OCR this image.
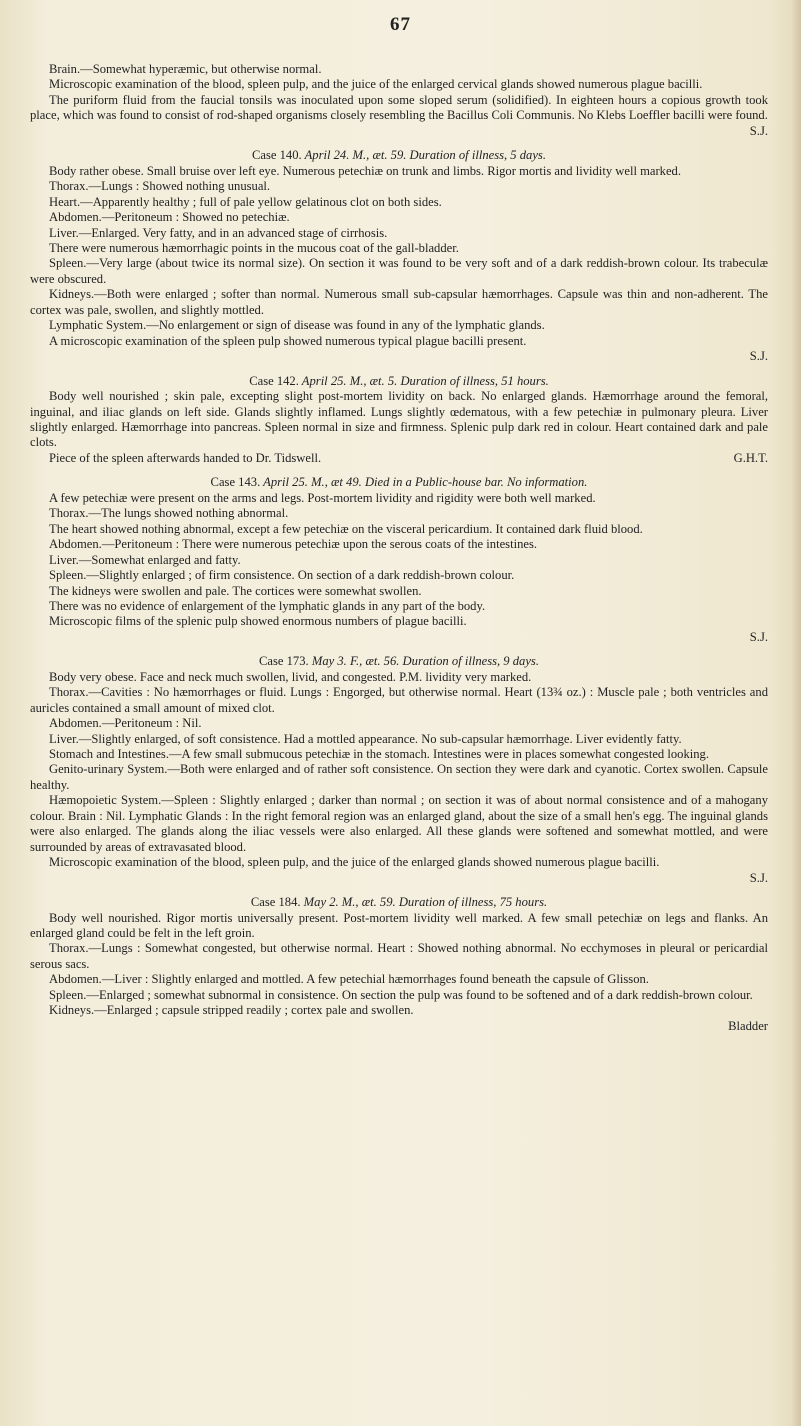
67

Brain.—Somewhat hyperæmic, but otherwise normal.

Microscopic examination of the blood, spleen pulp, and the juice of the enlarged cervical glands showed numerous plague bacilli.

The puriform fluid from the faucial tonsils was inoculated upon some sloped serum (solidified). In eighteen hours a copious growth took place, which was found to consist of rod-shaped organisms closely resembling the Bacillus Coli Communis. No Klebs Loeffler bacilli were found.

S.J.

Case 140. April 24. M., æt. 59. Duration of illness, 5 days.

Body rather obese. Small bruise over left eye. Numerous petechiæ on trunk and limbs. Rigor mortis and lividity well marked.

Thorax.—Lungs : Showed nothing unusual.

Heart.—Apparently healthy ; full of pale yellow gelatinous clot on both sides.

Abdomen.—Peritoneum : Showed no petechiæ.

Liver.—Enlarged. Very fatty, and in an advanced stage of cirrhosis.

There were numerous hæmorrhagic points in the mucous coat of the gall-bladder.

Spleen.—Very large (about twice its normal size). On section it was found to be very soft and of a dark reddish-brown colour. Its trabeculæ were obscured.

Kidneys.—Both were enlarged ; softer than normal. Numerous small sub-capsular hæmorrhages. Capsule was thin and non-adherent. The cortex was pale, swollen, and slightly mottled.

Lymphatic System.—No enlargement or sign of disease was found in any of the lymphatic glands.

A microscopic examination of the spleen pulp showed numerous typical plague bacilli present.

S.J.

Case 142. April 25. M., æt. 5. Duration of illness, 51 hours.

Body well nourished ; skin pale, excepting slight post-mortem lividity on back. No enlarged glands. Hæmorrhage around the femoral, inguinal, and iliac glands on left side. Glands slightly inflamed. Lungs slightly œdematous, with a few petechiæ in pulmonary pleura. Liver slightly enlarged. Hæmorrhage into pancreas. Spleen normal in size and firmness. Splenic pulp dark red in colour. Heart contained dark and pale clots.

Piece of the spleen afterwards handed to Dr. Tidswell.	G.H.T.

Case 143. April 25. M., æt 49. Died in a Public-house bar. No information.

A few petechiæ were present on the arms and legs. Post-mortem lividity and rigidity were both well marked.

Thorax.—The lungs showed nothing abnormal.

The heart showed nothing abnormal, except a few petechiæ on the visceral pericardium. It contained dark fluid blood.

Abdomen.—Peritoneum : There were numerous petechiæ upon the serous coats of the intestines.

Liver.—Somewhat enlarged and fatty.

Spleen.—Slightly enlarged ; of firm consistence. On section of a dark reddish-brown colour.

The kidneys were swollen and pale. The cortices were somewhat swollen.

There was no evidence of enlargement of the lymphatic glands in any part of the body.

Microscopic films of the splenic pulp showed enormous numbers of plague bacilli.

S.J.

Case 173. May 3. F., æt. 56. Duration of illness, 9 days.

Body very obese. Face and neck much swollen, livid, and congested. P.M. lividity very marked.

Thorax.—Cavities : No hæmorrhages or fluid. Lungs : Engorged, but otherwise normal. Heart (13¾ oz.) : Muscle pale ; both ventricles and auricles contained a small amount of mixed clot.

Abdomen.—Peritoneum : Nil.

Liver.—Slightly enlarged, of soft consistence. Had a mottled appearance. No sub-capsular hæmorrhage. Liver evidently fatty.

Stomach and Intestines.—A few small submucous petechiæ in the stomach. Intestines were in places somewhat congested looking.

Genito-urinary System.—Both were enlarged and of rather soft consistence. On section they were dark and cyanotic. Cortex swollen. Capsule healthy.

Hæmopoietic System.—Spleen : Slightly enlarged ; darker than normal ; on section it was of about normal consistence and of a mahogany colour. Brain : Nil. Lymphatic Glands : In the right femoral region was an enlarged gland, about the size of a small hen's egg. The inguinal glands were also enlarged. The glands along the iliac vessels were also enlarged. All these glands were softened and somewhat mottled, and were surrounded by areas of extravasated blood.

Microscopic examination of the blood, spleen pulp, and the juice of the enlarged glands showed numerous plague bacilli.

S.J.

Case 184. May 2. M., æt. 59. Duration of illness, 75 hours.

Body well nourished. Rigor mortis universally present. Post-mortem lividity well marked. A few small petechiæ on legs and flanks. An enlarged gland could be felt in the left groin.

Thorax.—Lungs : Somewhat congested, but otherwise normal. Heart : Showed nothing abnormal. No ecchymoses in pleural or pericardial serous sacs.

Abdomen.—Liver : Slightly enlarged and mottled. A few petechial hæmorrhages found beneath the capsule of Glisson.

Spleen.—Enlarged ; somewhat subnormal in consistence. On section the pulp was found to be softened and of a dark reddish-brown colour.

Kidneys.—Enlarged ; capsule stripped readily ; cortex pale and swollen.

Bladder
